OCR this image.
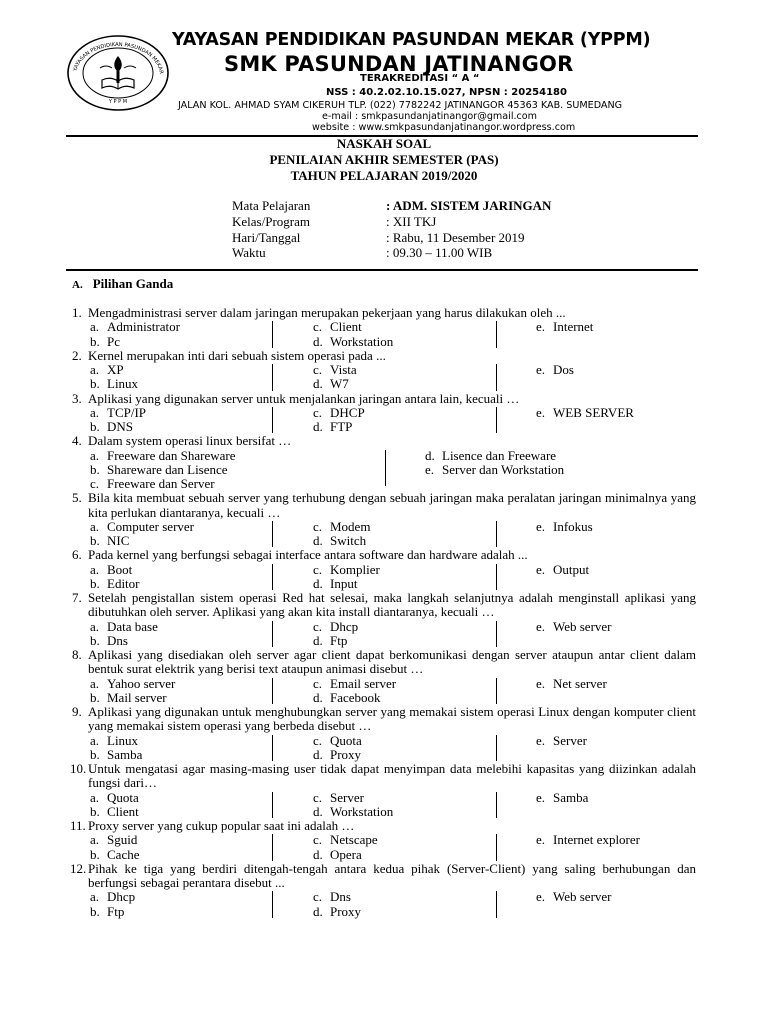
YAYASAN PENDIDIKAN PASUNDAN MEKAR
Y P P M
YAYASAN PENDIDIKAN PASUNDAN MEKAR (YPPM)
SMK PASUNDAN JATINANGOR
TERAKREDITASI “ A “
NSS : 40.2.02.10.15.027, NPSN : 20254180
JALAN KOL. AHMAD SYAM CIKERUH TLP. (022) 7782242 JATINANGOR 45363 KAB. SUMEDANG
e-mail : smkpasundanjatinangor@gmail.com
website : www.smkpasundanjatinangor.wordpress.com
NASKAH SOAL
PENILAIAN AKHIR SEMESTER (PAS)
TAHUN PELAJARAN 2019/2020
Mata Pelajaran	: ADM. SISTEM JARINGAN
Kelas/Program	: XII TKJ
Hari/Tanggal	: Rabu, 11 Desember 2019
Waktu	: 09.30 – 11.00 WIB
A. Pilihan Ganda
1. Mengadministrasi server dalam jaringan merupakan pekerjaan yang harus dilakukan oleh ...
a. Administrator
b. Pc
c. Client
d. Workstation
e. Internet
2. Kernel merupakan inti dari sebuah sistem operasi pada ...
a. XP
b. Linux
c. Vista
d. W7
e. Dos
3. Aplikasi yang digunakan server untuk menjalankan jaringan antara lain, kecuali …
a. TCP/IP
b. DNS
c. DHCP
d. FTP
e. WEB SERVER
4. Dalam system operasi linux bersifat …
a. Freeware dan Shareware
b. Shareware dan Lisence
c. Freeware dan Server
d. Lisence dan Freeware
e. Server dan Workstation
5. Bila kita membuat sebuah server yang terhubung dengan sebuah jaringan maka peralatan jaringan minimalnya yang kita perlukan diantaranya, kecuali …
a. Computer server
b. NIC
c. Modem
d. Switch
e. Infokus
6. Pada kernel yang berfungsi sebagai interface antara software dan hardware adalah ...
a. Boot
b. Editor
c. Komplier
d. Input
e. Output
7. Setelah pengistallan sistem operasi Red hat selesai, maka langkah selanjutnya adalah menginstall aplikasi yang dibutuhkan oleh server. Aplikasi yang akan kita install diantaranya, kecuali …
a. Data base
b. Dns
c. Dhcp
d. Ftp
e. Web server
8. Aplikasi yang disediakan oleh server agar client dapat berkomunikasi dengan server ataupun antar client dalam bentuk surat elektrik yang berisi text ataupun animasi disebut …
a. Yahoo server
b. Mail server
c. Email server
d. Facebook
e. Net server
9. Aplikasi yang digunakan untuk menghubungkan server yang memakai sistem operasi Linux dengan komputer client yang memakai sistem operasi yang berbeda disebut …
a. Linux
b. Samba
c. Quota
d. Proxy
e. Server
10. Untuk mengatasi agar masing-masing user tidak dapat menyimpan data melebihi kapasitas yang diizinkan adalah fungsi dari…
a. Quota
b. Client
c. Server
d. Workstation
e. Samba
11. Proxy server yang cukup popular saat ini adalah …
a. Sguid
b. Cache
c. Netscape
d. Opera
e. Internet explorer
12. Pihak ke tiga yang berdiri ditengah-tengah antara kedua pihak (Server-Client) yang saling berhubungan dan berfungsi sebagai perantara disebut ...
a. Dhcp
b. Ftp
c. Dns
d. Proxy
e. Web server
